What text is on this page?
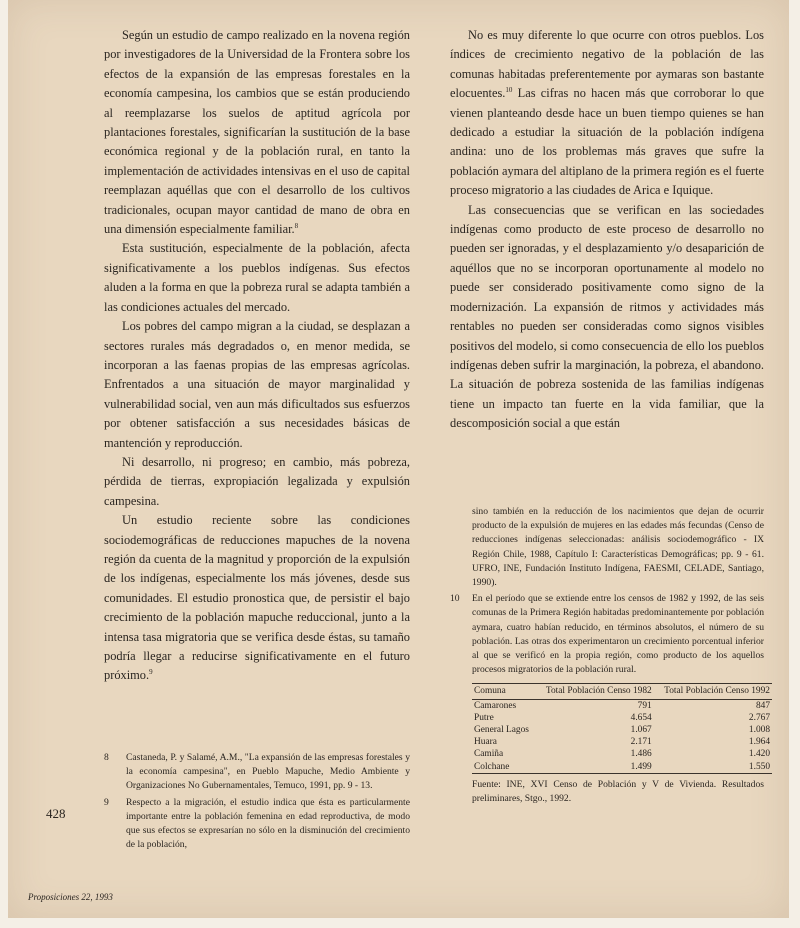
Según un estudio de campo realizado en la novena región por investigadores de la Universidad de la Frontera sobre los efectos de la expansión de las empresas forestales en la economía campesina, los cambios que se están produciendo al reemplazarse los suelos de aptitud agrícola por plantaciones forestales, significarían la sustitución de la base económica regional y de la población rural, en tanto la implementación de actividades intensivas en el uso de capital reemplazan aquéllas que con el desarrollo de los cultivos tradicionales, ocupan mayor cantidad de mano de obra en una dimensión especialmente familiar.$^8$

Esta sustitución, especialmente de la población, afecta significativamente a los pueblos indígenas. Sus efectos aluden a la forma en que la pobreza rural se adapta también a las condiciones actuales del mercado.

Los pobres del campo migran a la ciudad, se desplazan a sectores rurales más degradados o, en menor medida, se incorporan a las faenas propias de las empresas agrícolas. Enfrentados a una situación de mayor marginalidad y vulnerabilidad social, ven aun más dificultados sus esfuerzos por obtener satisfacción a sus necesidades básicas de mantención y reproducción.

Ni desarrollo, ni progreso; en cambio, más pobreza, pérdida de tierras, expropiación legalizada y expulsión campesina.

Un estudio reciente sobre las condiciones sociodemográficas de reducciones mapuches de la novena región da cuenta de la magnitud y proporción de la expulsión de los indígenas, especialmente los más jóvenes, desde sus comunidades. El estudio pronostica que, de persistir el bajo crecimiento de la población mapuche reduccional, junto a la intensa tasa migratoria que se verifica desde éstas, su tamaño podría llegar a reducirse significativamente en el futuro próximo.$^9$

8	Castaneda, P. y Salamé, A.M., "La expansión de las empresas forestales y la economía campesina", en Pueblo Mapuche, Medio Ambiente y Organizaciones No Gubernamentales, Temuco, 1991, pp. 9 - 13.
9	Respecto a la migración, el estudio indica que ésta es particularmente importante entre la población femenina en edad reproductiva, de modo que sus efectos se expresarían no sólo en la disminución del crecimiento de la población,
428
Proposiciones 22, 1993

No es muy diferente lo que ocurre con otros pueblos. Los índices de crecimiento negativo de la población de las comunas habitadas preferentemente por aymaras son bastante elocuentes.$^{10}$ Las cifras no hacen más que corroborar lo que vienen planteando desde hace un buen tiempo quienes se han dedicado a estudiar la situación de la población indígena andina: uno de los problemas más graves que sufre la población aymara del altiplano de la primera región es el fuerte proceso migratorio a las ciudades de Arica e Iquique.

Las consecuencias que se verifican en las sociedades indígenas como producto de este proceso de desarrollo no pueden ser ignoradas, y el desplazamiento y/o desaparición de aquéllos que no se incorporan oportunamente al modelo no puede ser considerado positivamente como signo de la modernización. La expansión de ritmos y actividades más rentables no pueden ser consideradas como signos visibles positivos del modelo, si como consecuencia de ello los pueblos indígenas deben sufrir la marginación, la pobreza, el abandono. La situación de pobreza sostenida de las familias indígenas tiene un impacto tan fuerte en la vida familiar, que la descomposición social a que están

sino también en la reducción de los nacimientos que dejan de ocurrir producto de la expulsión de mujeres en las edades más fecundas (Censo de reducciones indígenas seleccionadas: análisis sociodemográfico - IX Región Chile, 1988, Capítulo I: Características Demográficas; pp. 9 - 61. UFRO, INE, Fundación Instituto Indígena, FAESMI, CELADE, Santiago, 1990).
10	En el período que se extiende entre los censos de 1982 y 1992, de las seis comunas de la Primera Región habitadas predominantemente por población aymara, cuatro habían reducido, en términos absolutos, el número de su población. Las otras dos experimentaron un crecimiento porcentual inferior al que se verificó en la propia región, como producto de los aquellos procesos migratorios de la población rural.
Comuna	Total Población Censo 1982	Total Población Censo 1992
Camarones	791	847
Putre	4.654	2.767
General Lagos	1.067	1.008
Huara	2.171	1.964
Camiña	1.486	1.420
Colchane	1.499	1.550
Fuente: INE, XVI Censo de Población y V de Vivienda. Resultados preliminares, Stgo., 1992.
